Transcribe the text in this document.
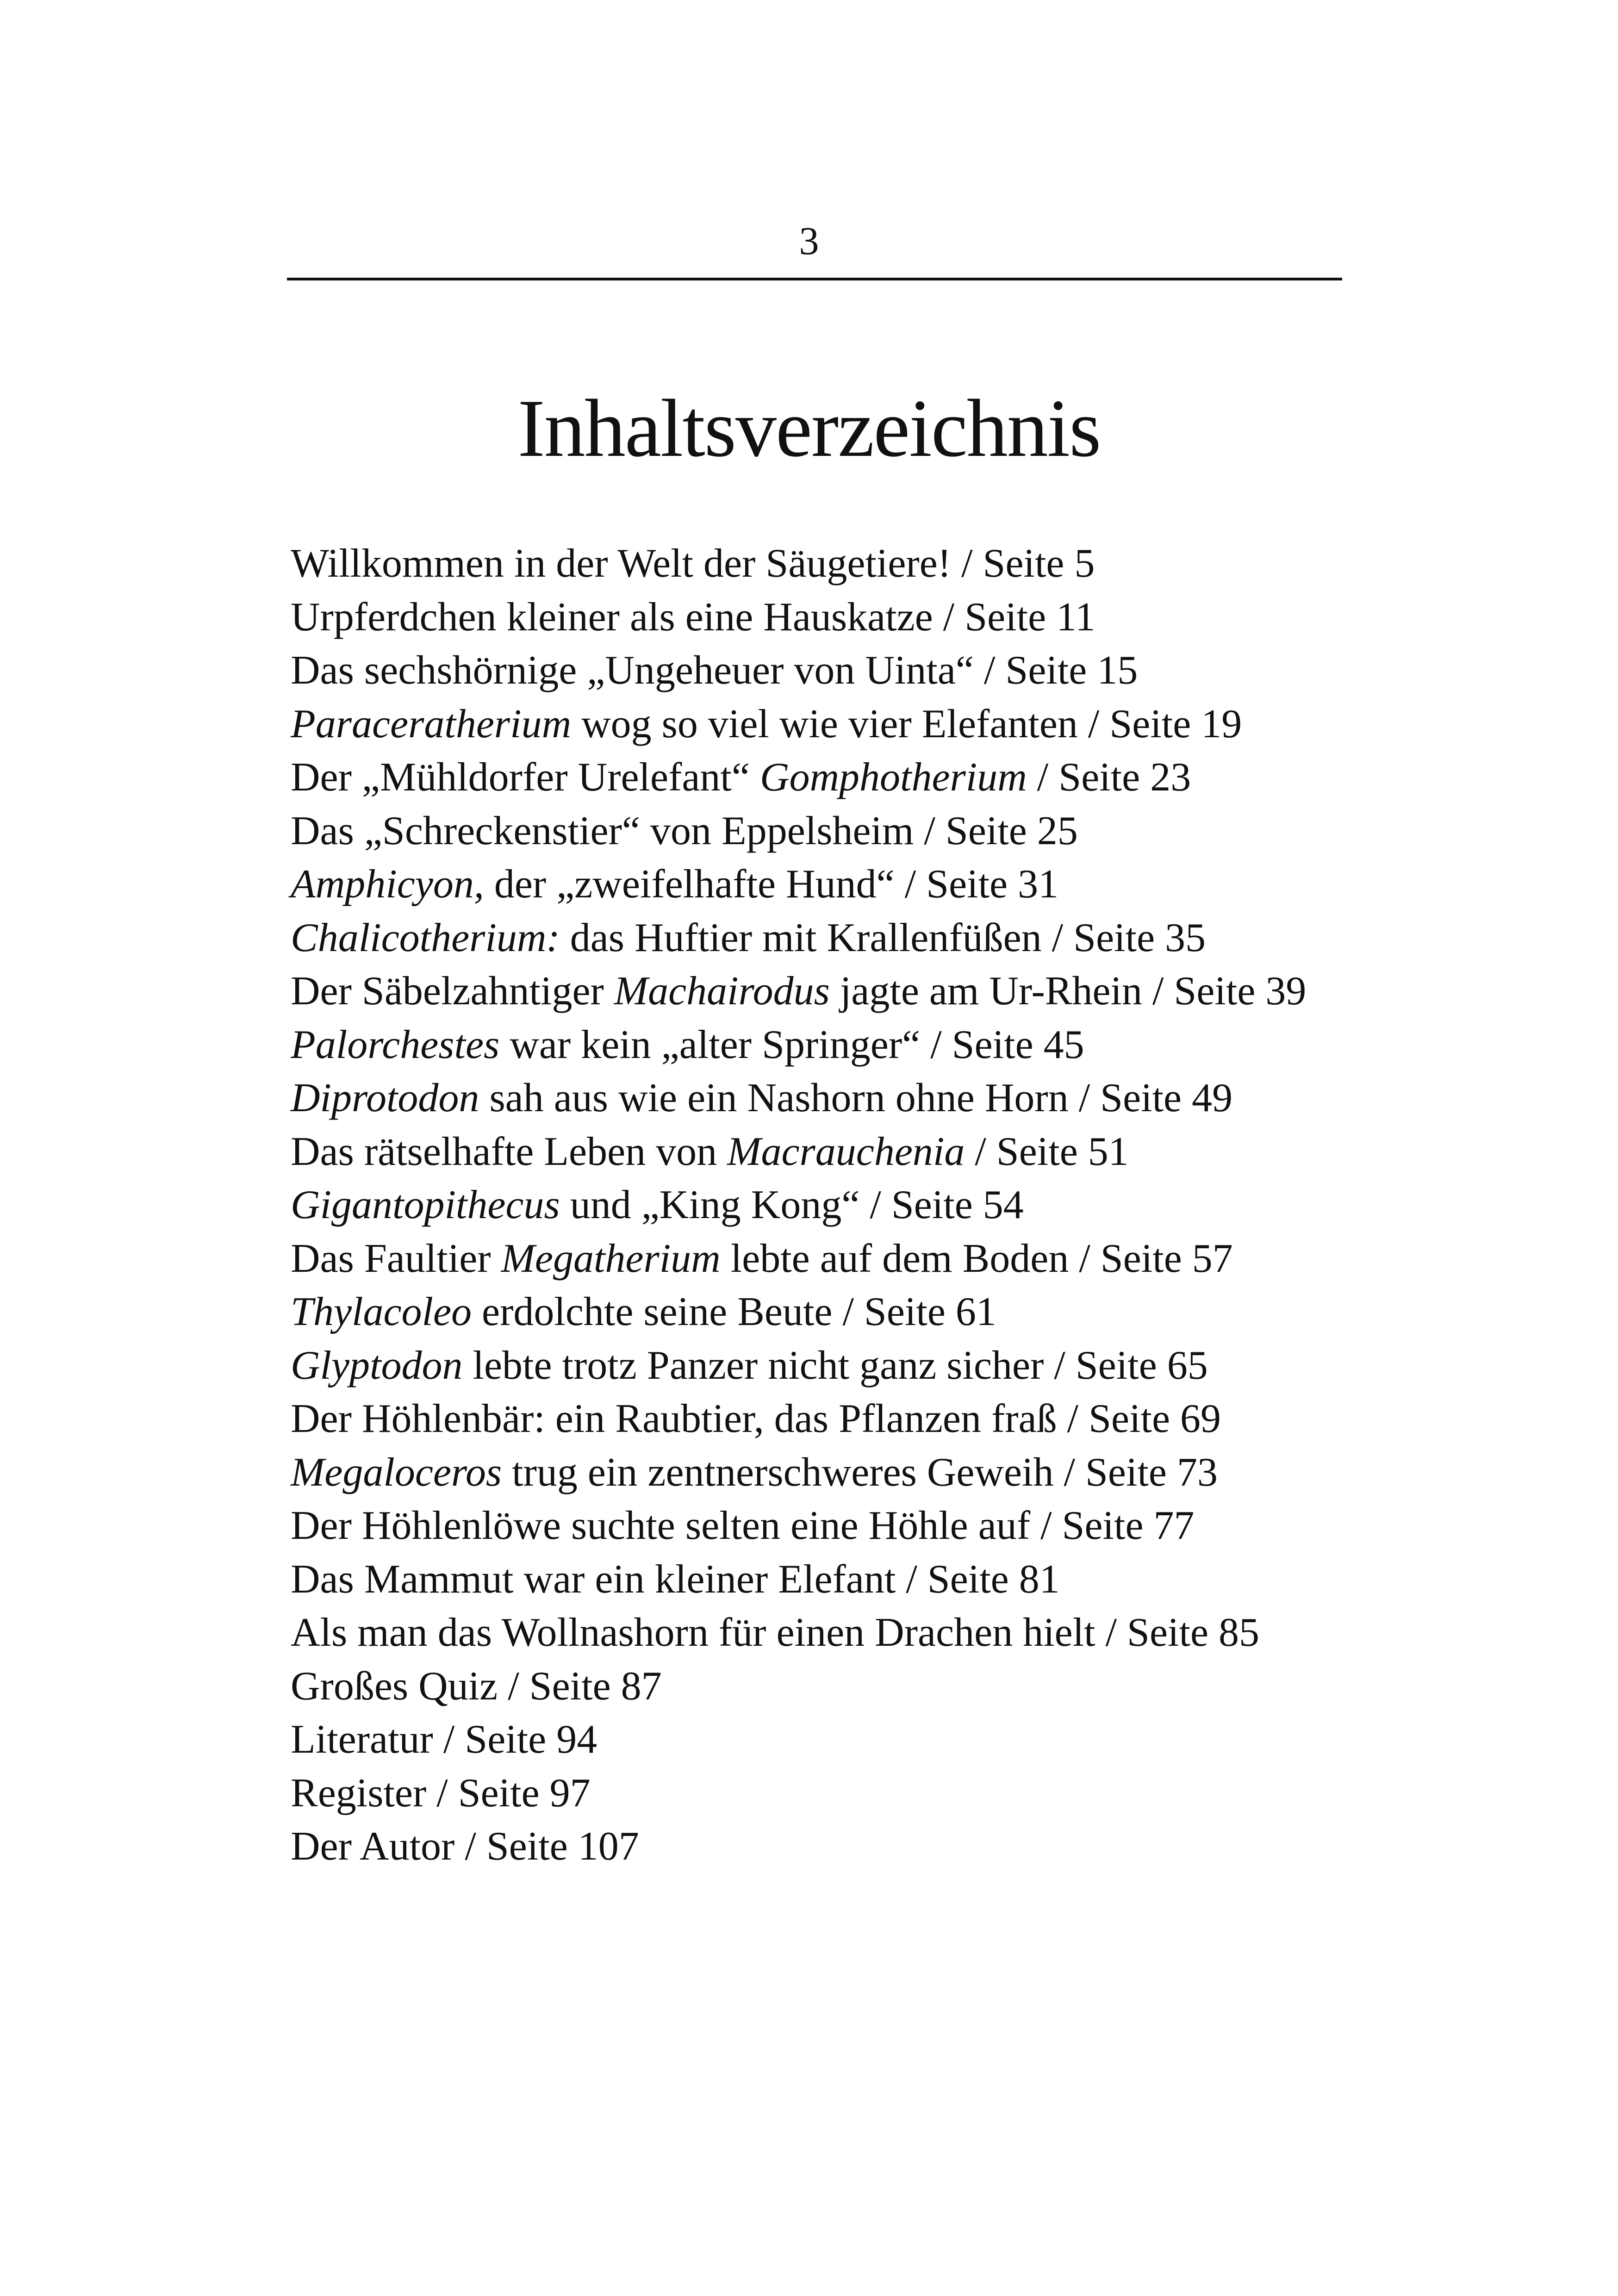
3
Inhaltsverzeichnis
Willkommen in der Welt der Säugetiere! / Seite 5
Urpferdchen kleiner als eine Hauskatze / Seite 11
Das sechshörnige „Ungeheuer von Uinta“ / Seite 15
Paraceratherium wog so viel wie vier Elefanten / Seite 19
Der „Mühldorfer Urelefant“ Gomphotherium / Seite 23
Das „Schreckenstier“ von Eppelsheim / Seite 25
Amphicyon, der „zweifelhafte Hund“ / Seite 31
Chalicotherium: das Huftier mit Krallenfüßen / Seite 35
Der Säbelzahntiger Machairodus jagte am Ur-Rhein / Seite 39
Palorchestes war kein „alter Springer“ / Seite 45
Diprotodon sah aus wie ein Nashorn ohne Horn / Seite 49
Das rätselhafte Leben von Macrauchenia / Seite 51
Gigantopithecus und „King Kong“ / Seite 54
Das Faultier Megatherium lebte auf dem Boden / Seite 57
Thylacoleo erdolchte seine Beute / Seite 61
Glyptodon lebte trotz Panzer nicht ganz sicher / Seite 65
Der Höhlenbär: ein Raubtier, das Pflanzen fraß / Seite 69
Megaloceros trug ein zentnerschweres Geweih / Seite 73
Der Höhlenlöwe suchte selten eine Höhle auf / Seite 77
Das Mammut war ein kleiner Elefant / Seite 81
Als man das Wollnashorn für einen Drachen hielt / Seite 85
Großes Quiz / Seite 87
Literatur / Seite 94
Register / Seite 97
Der Autor / Seite 107
